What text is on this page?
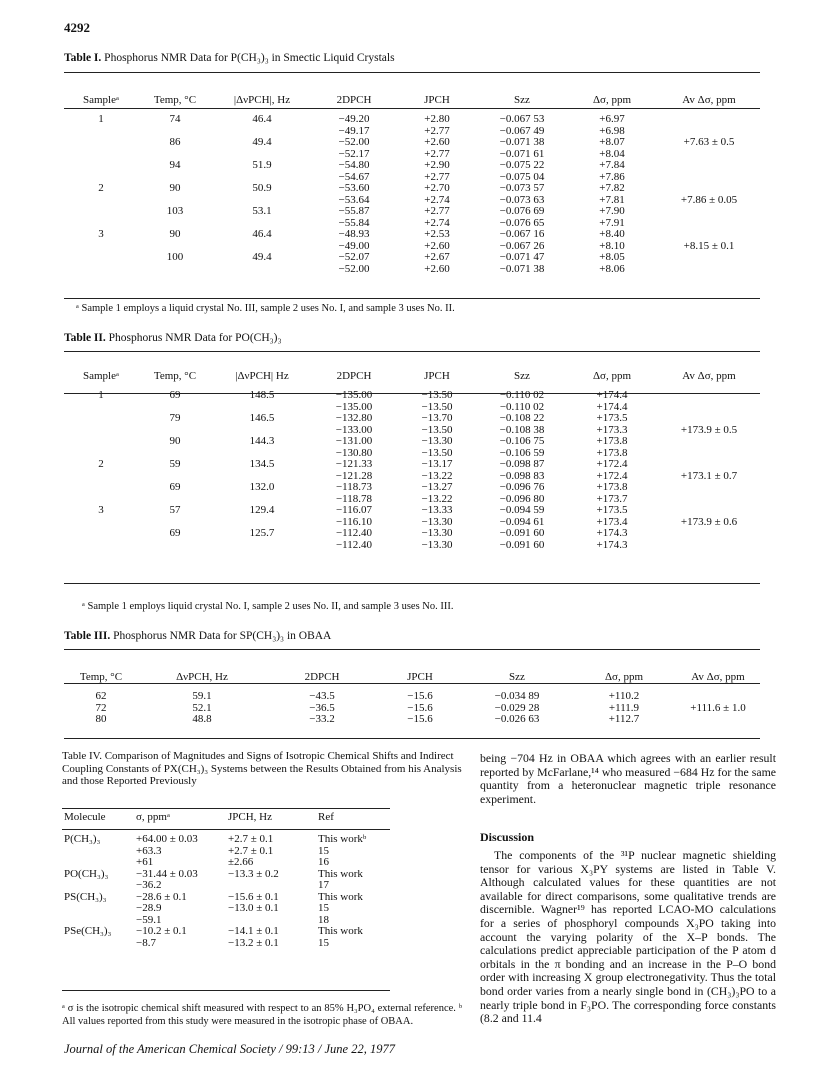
4292
Table I. Phosphorus NMR Data for P(CH₃)₃ in Smectic Liquid Crystals
Sampleᵃ	Temp, °C	|ΔνPCH|, Hz	2DPCH	JPCH	Szz	Δσ, ppm	Av Δσ, ppm
1	74	46.4	−49.20	+2.80	−0.067 53	+6.97	
			−49.17	+2.77	−0.067 49	+6.98	
	86	49.4	−52.00	+2.60	−0.071 38	+8.07	+7.63 ± 0.5
			−52.17	+2.77	−0.071 61	+8.04	
	94	51.9	−54.80	+2.90	−0.075 22	+7.84	
			−54.67	+2.77	−0.075 04	+7.86	
2	90	50.9	−53.60	+2.70	−0.073 57	+7.82	
			−53.64	+2.74	−0.073 63	+7.81	+7.86 ± 0.05
	103	53.1	−55.87	+2.77	−0.076 69	+7.90	
			−55.84	+2.74	−0.076 65	+7.91	
3	90	46.4	−48.93	+2.53	−0.067 16	+8.40	
			−49.00	+2.60	−0.067 26	+8.10	+8.15 ± 0.1
	100	49.4	−52.07	+2.67	−0.071 47	+8.05	
			−52.00	+2.60	−0.071 38	+8.06	
ᵃ Sample 1 employs a liquid crystal No. III, sample 2 uses No. I, and sample 3 uses No. II.
Table II. Phosphorus NMR Data for PO(CH₃)₃
Sampleᵃ	Temp, °C	|ΔνPCH| Hz	2DPCH	JPCH	Szz	Δσ, ppm	Av Δσ, ppm
1	69	148.5	−135.00	−13.50	−0.110 02	+174.4	
			−135.00	−13.50	−0.110 02	+174.4	
	79	146.5	−132.80	−13.70	−0.108 22	+173.5	
			−133.00	−13.50	−0.108 38	+173.3	+173.9 ± 0.5
	90	144.3	−131.00	−13.30	−0.106 75	+173.8	
			−130.80	−13.50	−0.106 59	+173.8	
2	59	134.5	−121.33	−13.17	−0.098 87	+172.4	
			−121.28	−13.22	−0.098 83	+172.4	+173.1 ± 0.7
	69	132.0	−118.73	−13.27	−0.096 76	+173.8	
			−118.78	−13.22	−0.096 80	+173.7	
3	57	129.4	−116.07	−13.33	−0.094 59	+173.5	
			−116.10	−13.30	−0.094 61	+173.4	+173.9 ± 0.6
	69	125.7	−112.40	−13.30	−0.091 60	+174.3	
			−112.40	−13.30	−0.091 60	+174.3	
ᵃ Sample 1 employs liquid crystal No. I, sample 2 uses No. II, and sample 3 uses No. III.
Table III. Phosphorus NMR Data for SP(CH₃)₃ in OBAA
Temp, °C	ΔνPCH, Hz	2DPCH	JPCH	Szz	Δσ, ppm	Av Δσ, ppm
62	59.1	−43.5	−15.6	−0.034 89	+110.2	
72	52.1	−36.5	−15.6	−0.029 28	+111.9	+111.6 ± 1.0
80	48.8	−33.2	−15.6	−0.026 63	+112.7	
Table IV. Comparison of Magnitudes and Signs of Isotropic Chemical Shifts and Indirect Coupling Constants of PX(CH₃)₃ Systems between the Results Obtained from his Analysis and those Reported Previously
Molecule	σ, ppmᵃ	JPCH, Hz	Ref
P(CH₃)₃	+64.00 ± 0.03	+2.7 ± 0.1	This workᵇ
	+63.3	+2.7 ± 0.1	15
	+61	±2.66	16
PO(CH₃)₃	−31.44 ± 0.03	−13.3 ± 0.2	This work
	−36.2		17
PS(CH₃)₃	−28.6 ± 0.1	−15.6 ± 0.1	This work
	−28.9	−13.0 ± 0.1	15
	−59.1		18
PSe(CH₃)₃	−10.2 ± 0.1	−14.1 ± 0.1	This work
	−8.7	−13.2 ± 0.1	15
ᵃ σ is the isotropic chemical shift measured with respect to an 85% H₃PO₄ external reference. ᵇ All values reported from this study were measured in the isotropic phase of OBAA.
being −704 Hz in OBAA which agrees with an earlier result reported by McFarlane,¹⁴ who measured −684 Hz for the same quantity from a heteronuclear magnetic triple resonance experiment.
Discussion
The components of the ³¹P nuclear magnetic shielding tensor for various X₃PY systems are listed in Table V. Although calculated values for these quantities are not available for direct comparisons, some qualitative trends are discernible. Wagner¹⁹ has reported LCAO-MO calculations for a series of phosphoryl compounds X₃PO taking into account the varying polarity of the X–P bonds. The calculations predict appreciable participation of the P atom d orbitals in the π bonding and an increase in the P–O bond order with increasing X group electronegativity. Thus the total bond order varies from a nearly single bond in (CH₃)₃PO to a nearly triple bond in F₃PO. The corresponding force constants (8.2 and 11.4
Journal of the American Chemical Society / 99:13 / June 22, 1977
